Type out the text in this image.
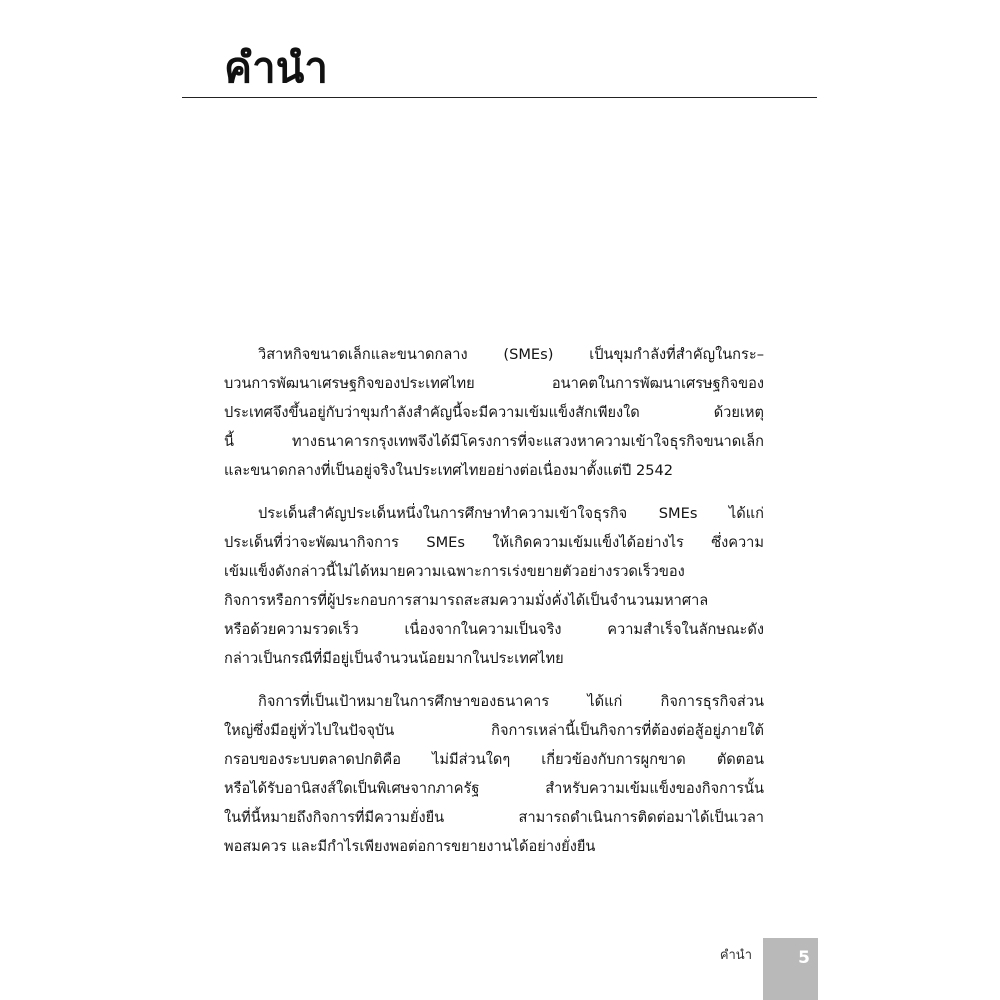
คำนำ
วิสาหกิจขนาดเล็กและขนาดกลาง (SMEs) เป็นขุมกำลังที่สำคัญในกระ–
บวนการพัฒนาเศรษฐกิจของประเทศไทย อนาคตในการพัฒนาเศรษฐกิจของ
ประเทศจึงขึ้นอยู่กับว่าขุมกำลังสำคัญนี้จะมีความเข้มแข็งสักเพียงใด ด้วยเหตุ
นี้ ทางธนาคารกรุงเทพจึงได้มีโครงการที่จะแสวงหาความเข้าใจธุรกิจขนาดเล็ก
และขนาดกลางที่เป็นอยู่จริงในประเทศไทยอย่างต่อเนื่องมาตั้งแต่ปี 2542
ประเด็นสำคัญประเด็นหนึ่งในการศึกษาทำความเข้าใจธุรกิจ SMEs ได้แก่
ประเด็นที่ว่าจะพัฒนากิจการ SMEs ให้เกิดความเข้มแข็งได้อย่างไร ซึ่งความ
เข้มแข็งดังกล่าวนี้ไม่ได้หมายความเฉพาะการเร่งขยายตัวอย่างรวดเร็วของ
กิจการหรือการที่ผู้ประกอบการสามารถสะสมความมั่งคั่งได้เป็นจำนวนมหาศาล
หรือด้วยความรวดเร็ว เนื่องจากในความเป็นจริง ความสำเร็จในลักษณะดัง
กล่าวเป็นกรณีที่มีอยู่เป็นจำนวนน้อยมากในประเทศไทย
กิจการที่เป็นเป้าหมายในการศึกษาของธนาคาร ได้แก่ กิจการธุรกิจส่วน
ใหญ่ซึ่งมีอยู่ทั่วไปในปัจจุบัน กิจการเหล่านี้เป็นกิจการที่ต้องต่อสู้อยู่ภายใต้
กรอบของระบบตลาดปกติคือ ไม่มีส่วนใดๆ เกี่ยวข้องกับการผูกขาด ตัดตอน
หรือได้รับอานิสงส์ใดเป็นพิเศษจากภาครัฐ สำหรับความเข้มแข็งของกิจการนั้น
ในที่นี้หมายถึงกิจการที่มีความยั่งยืน สามารถดำเนินการติดต่อมาได้เป็นเวลา
พอสมควร และมีกำไรเพียงพอต่อการขยายงานได้อย่างยั่งยืน
คำนำ	5
